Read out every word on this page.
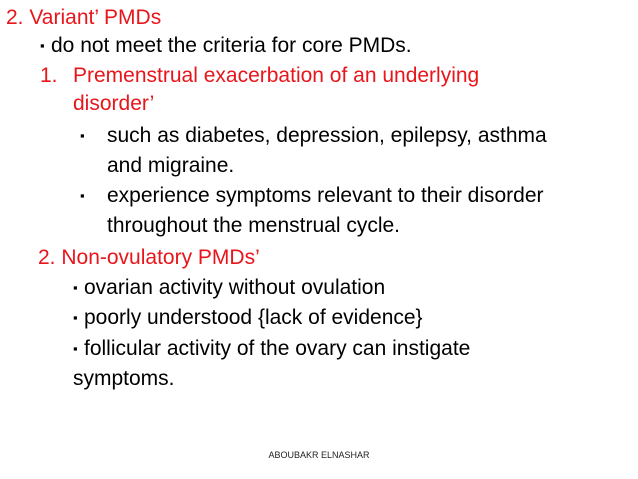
2. Variant’ PMDs
▪ do not meet the criteria for core PMDs.
1. Premenstrual exacerbation of an underlying
disorder’
▪ such as diabetes, depression, epilepsy, asthma
and migraine.
▪ experience symptoms relevant to their disorder
throughout the menstrual cycle.
2. Non-ovulatory PMDs’
▪ ovarian activity without ovulation
▪ poorly understood {lack of evidence}
▪ follicular activity of the ovary can instigate
symptoms.
ABOUBAKR ELNASHAR
